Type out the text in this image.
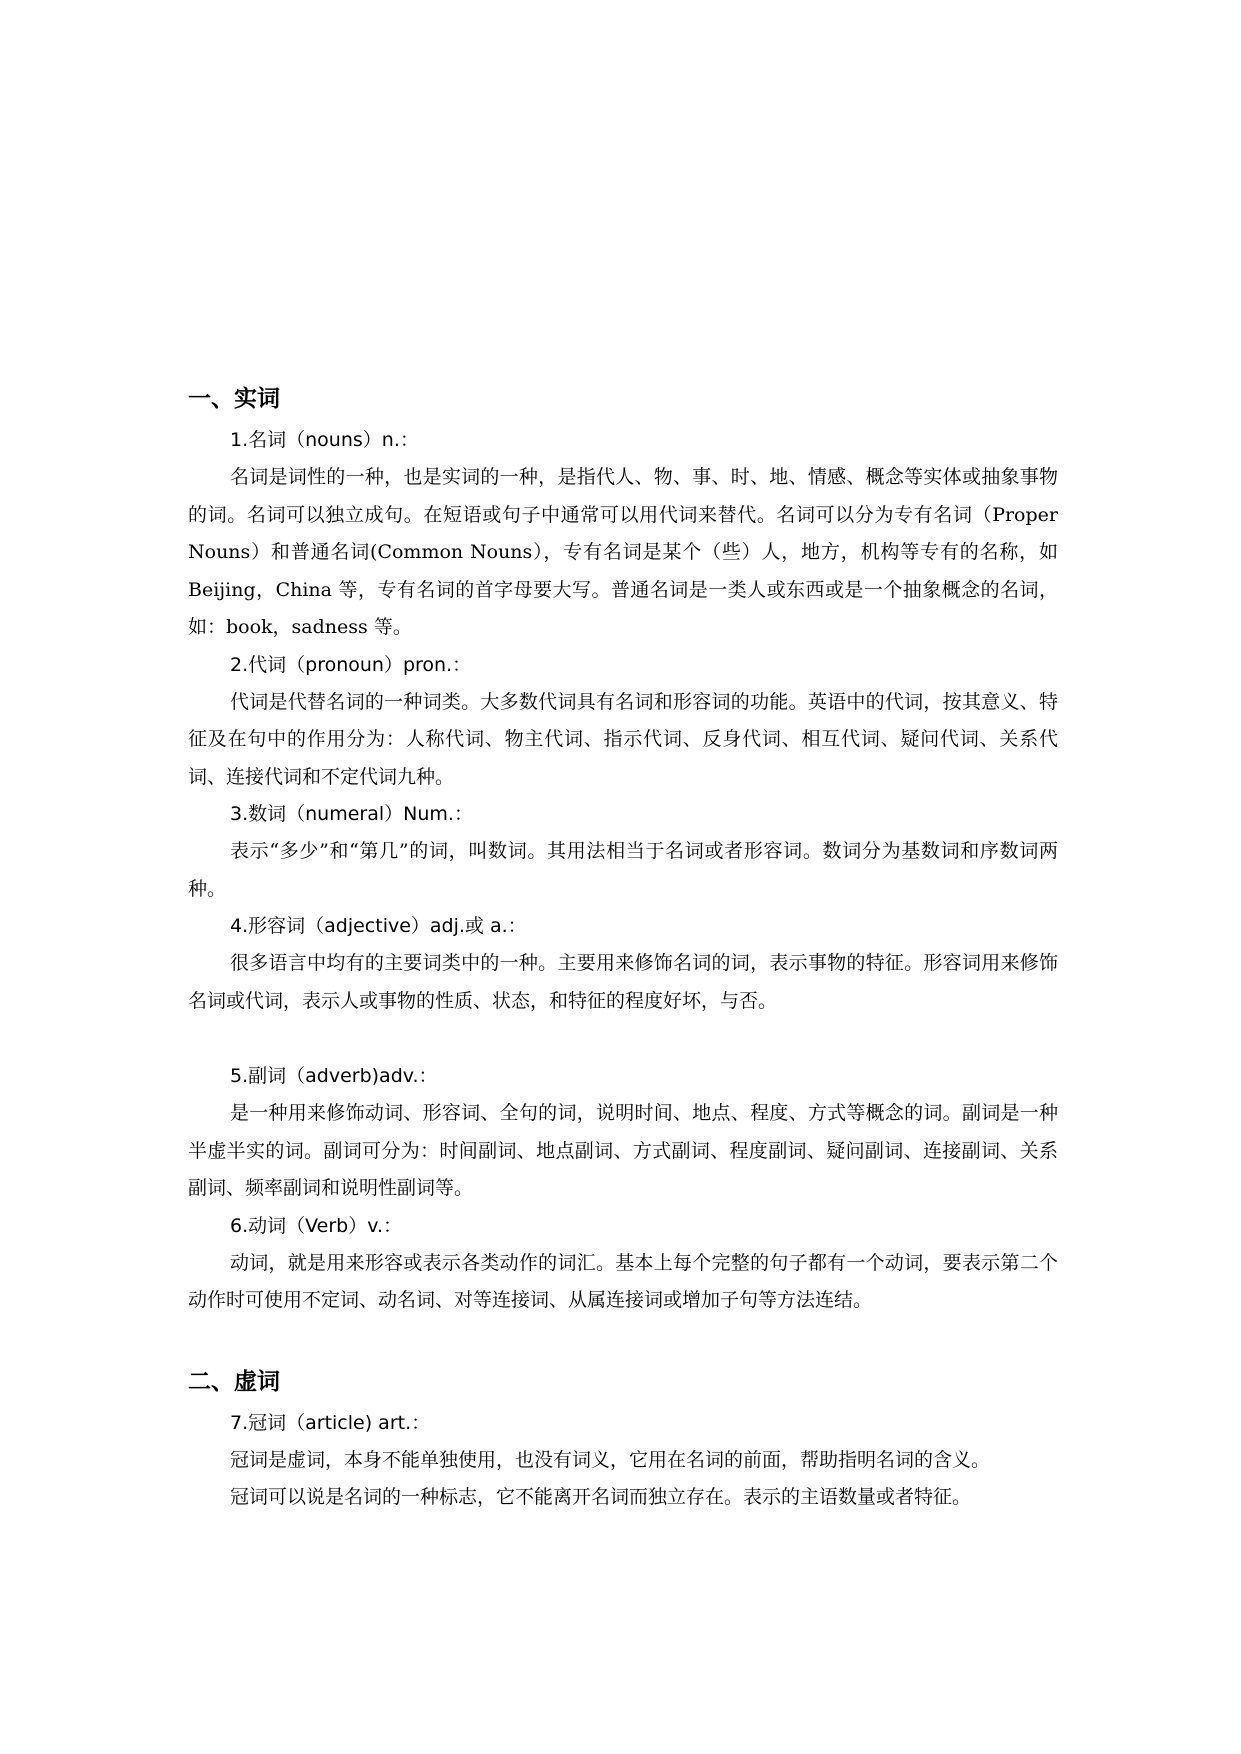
一、实词

1.名词（nouns）n.：

名词是词性的一种，也是实词的一种，是指代人、物、事、时、地、情感、概念等实体或抽象事物的词。名词可以独立成句。在短语或句子中通常可以用代词来替代。名词可以分为专有名词（Proper Nouns）和普通名词(Common Nouns），专有名词是某个（些）人，地方，机构等专有的名称，如 Beijing，China 等，专有名词的首字母要大写。普通名词是一类人或东西或是一个抽象概念的名词，如：book，sadness 等。

2.代词（pronoun）pron.：

代词是代替名词的一种词类。大多数代词具有名词和形容词的功能。英语中的代词，按其意义、特征及在句中的作用分为：人称代词、物主代词、指示代词、反身代词、相互代词、疑问代词、关系代词、连接代词和不定代词九种。

3.数词（numeral）Num.：

表示“多少”和“第几”的词，叫数词。其用法相当于名词或者形容词。数词分为基数词和序数词两种。

4.形容词（adjective）adj.或 a.：

很多语言中均有的主要词类中的一种。主要用来修饰名词的词，表示事物的特征。形容词用来修饰名词或代词，表示人或事物的性质、状态，和特征的程度好坏，与否。

5.副词（adverb)adv.：

是一种用来修饰动词、形容词、全句的词，说明时间、地点、程度、方式等概念的词。副词是一种半虚半实的词。副词可分为：时间副词、地点副词、方式副词、程度副词、疑问副词、连接副词、关系副词、频率副词和说明性副词等。

6.动词（Verb）v.：

动词，就是用来形容或表示各类动作的词汇。基本上每个完整的句子都有一个动词，要表示第二个动作时可使用不定词、动名词、对等连接词、从属连接词或增加子句等方法连结。

二、虚词

7.冠词（article) art.：

冠词是虚词，本身不能单独使用，也没有词义，它用在名词的前面，帮助指明名词的含义。

冠词可以说是名词的一种标志，它不能离开名词而独立存在。表示的主语数量或者特征。
